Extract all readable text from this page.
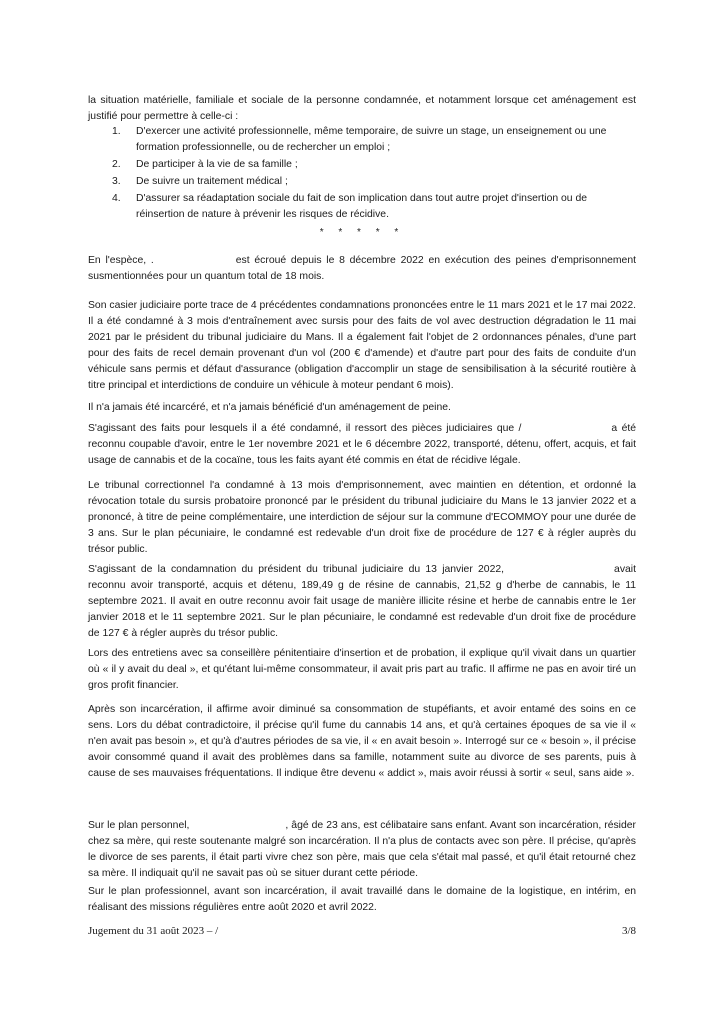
la situation matérielle, familiale et sociale de la personne condamnée, et notamment lorsque cet aménagement est justifié pour permettre à celle-ci :

1. D'exercer une activité professionnelle, même temporaire, de suivre un stage, un enseignement ou une formation professionnelle, ou de rechercher un emploi ;
2. De participer à la vie de sa famille ;
3. De suivre un traitement médical ;
4. D'assurer sa réadaptation sociale du fait de son implication dans tout autre projet d'insertion ou de réinsertion de nature à prévenir les risques de récidive.
* * * * *

En l'espèce, .	est écroué depuis le 8 décembre 2022 en exécution des peines d'emprisonnement susmentionnées pour un quantum total de 18 mois.

Son casier judiciaire porte trace de 4 précédentes condamnations prononcées entre le 11 mars 2021 et le 17 mai 2022. Il a été condamné à 3 mois d'entraînement avec sursis pour des faits de vol avec destruction dégradation le 11 mai 2021 par le président du tribunal judiciaire du Mans. Il a également fait l'objet de 2 ordonnances pénales, d'une part pour des faits de recel demain provenant d'un vol (200 € d'amende) et d'autre part pour des faits de conduite d'un véhicule sans permis et défaut d'assurance (obligation d'accomplir un stage de sensibilisation à la sécurité routière à titre principal et interdictions de conduire un véhicule à moteur pendant 6 mois).

Il n'a jamais été incarcéré, et n'a jamais bénéficié d'un aménagement de peine.

S'agissant des faits pour lesquels il a été condamné, il ressort des pièces judiciaires que /	a été reconnu coupable d'avoir, entre le 1er novembre 2021 et le 6 décembre 2022, transporté, détenu, offert, acquis, et fait usage de cannabis et de la cocaïne, tous les faits ayant été commis en état de récidive légale.

Le tribunal correctionnel l'a condamné à 13 mois d'emprisonnement, avec maintien en détention, et ordonné la révocation totale du sursis probatoire prononcé par le président du tribunal judiciaire du Mans le 13 janvier 2022 et a prononcé, à titre de peine complémentaire, une interdiction de séjour sur la commune d'ECOMMOY pour une durée de 3 ans. Sur le plan pécuniaire, le condamné est redevable d'un droit fixe de procédure de 127 € à régler auprès du trésor public.

S'agissant de la condamnation du président du tribunal judiciaire du 13 janvier 2022,	avait reconnu avoir transporté, acquis et détenu, 189,49 g de résine de cannabis, 21,52 g d'herbe de cannabis, le 11 septembre 2021. Il avait en outre reconnu avoir fait usage de manière illicite résine et herbe de cannabis entre le 1er janvier 2018 et le 11 septembre 2021. Sur le plan pécuniaire, le condamné est redevable d'un droit fixe de procédure de 127 € à régler auprès du trésor public.

Lors des entretiens avec sa conseillère pénitentiaire d'insertion et de probation, il explique qu'il vivait dans un quartier où « il y avait du deal », et qu'étant lui-même consommateur, il avait pris part au trafic. Il affirme ne pas en avoir tiré un gros profit financier.

Après son incarcération, il affirme avoir diminué sa consommation de stupéfiants, et avoir entamé des soins en ce sens. Lors du débat contradictoire, il précise qu'il fume du cannabis 14 ans, et qu'à certaines époques de sa vie il « n'en avait pas besoin », et qu'à d'autres périodes de sa vie, il « en avait besoin ». Interrogé sur ce « besoin », il précise avoir consommé quand il avait des problèmes dans sa famille, notamment suite au divorce de ses parents, puis à cause de ses mauvaises fréquentations. Il indique être devenu « addict », mais avoir réussi à sortir « seul, sans aide ».

Sur le plan personnel,	, âgé de 23 ans, est célibataire sans enfant. Avant son incarcération, résider chez sa mère, qui reste soutenante malgré son incarcération. Il n'a plus de contacts avec son père. Il précise, qu'après le divorce de ses parents, il était parti vivre chez son père, mais que cela s'était mal passé, et qu'il était retourné chez sa mère. Il indiquait qu'il ne savait pas où se situer durant cette période.

Sur le plan professionnel, avant son incarcération, il avait travaillé dans le domaine de la logistique, en intérim, en réalisant des missions régulières entre août 2020 et avril 2022.

Jugement du 31 août 2023 – /	3/8
